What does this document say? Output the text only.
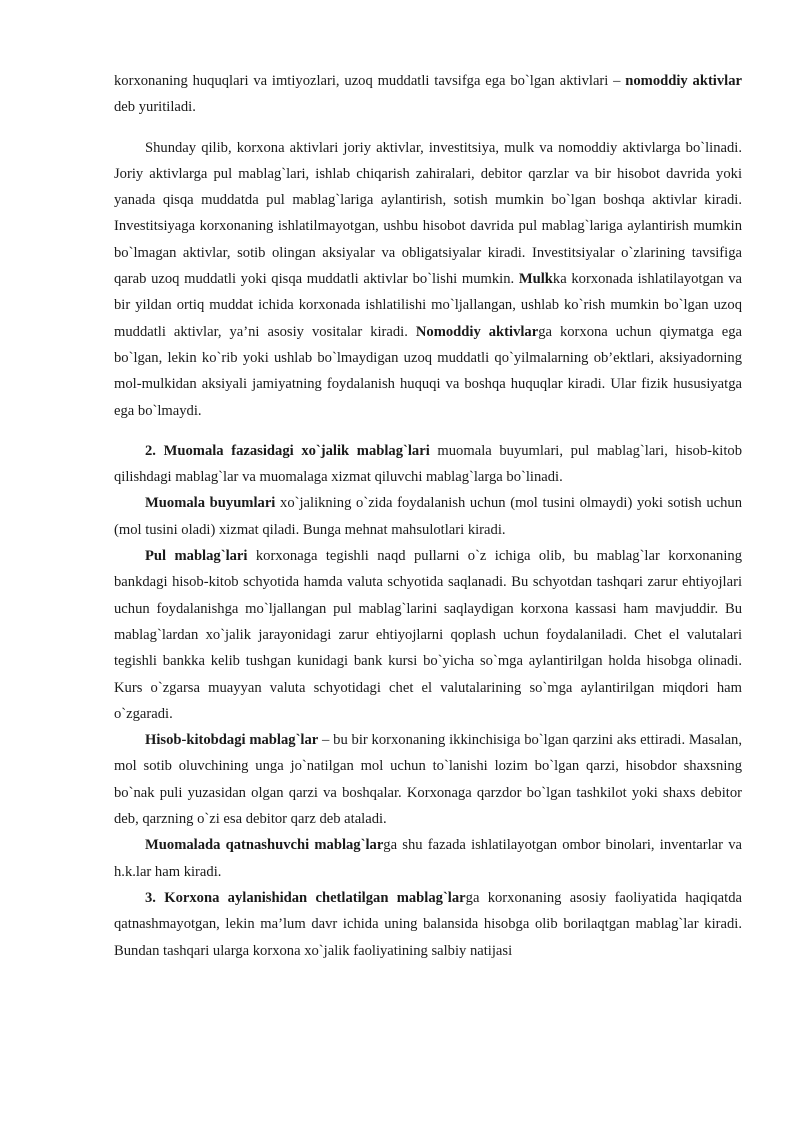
korxonaning huquqlari va imtiyozlari, uzoq muddatli tavsifga ega bo`lgan aktivlari – nomoddiy aktivlar deb yuritiladi.

Shunday qilib, korxona aktivlari joriy aktivlar, investitsiya, mulk va nomoddiy aktivlarga bo`linadi. Joriy aktivlarga pul mablag`lari, ishlab chiqarish zahiralari, debitor qarzlar va bir hisobot davrida yoki yanada qisqa muddatda pul mablag`lariga aylantirish, sotish mumkin bo`lgan boshqa aktivlar kiradi. Investitsiyaga korxonaning ishlatilmayotgan, ushbu hisobot davrida pul mablag`lariga aylantirish mumkin bo`lmagan aktivlar, sotib olingan aksiyalar va obligatsiyalar kiradi. Investitsiyalar o`zlarining tavsifiga qarab uzoq muddatli yoki qisqa muddatli aktivlar bo`lishi mumkin. Mulkka korxonada ishlatilayotgan va bir yildan ortiq muddat ichida korxonada ishlatilishi mo`ljallangan, ushlab ko`rish mumkin bo`lgan uzoq muddatli aktivlar, ya’ni asosiy vositalar kiradi. Nomoddiy aktivlarga korxona uchun qiymatga ega bo`lgan, lekin ko`rib yoki ushlab bo`lmaydigan uzoq muddatli qo`yilmalarning ob’ektlari, aksiyadorning mol-mulkidan aksiyali jamiyatning foydalanish huquqi va boshqa huquqlar kiradi. Ular fizik hususiyatga ega bo`lmaydi.

2. Muomala fazasidagi xo`jalik mablag`lari muomala buyumlari, pul mablag`lari, hisob-kitob qilishdagi mablag`lar va muomalaga xizmat qiluvchi mablag`larga bo`linadi.

Muomala buyumlari xo`jalikning o`zida foydalanish uchun (mol tusini olmaydi) yoki sotish uchun (mol tusini oladi) xizmat qiladi. Bunga mehnat mahsulotlari kiradi.

Pul mablag`lari korxonaga tegishli naqd pullarni o`z ichiga olib, bu mablag`lar korxonaning bankdagi hisob-kitob schyotida hamda valuta schyotida saqlanadi. Bu schyotdan tashqari zarur ehtiyojlari uchun foydalanishga mo`ljallangan pul mablag`larini saqlaydigan korxona kassasi ham mavjuddir. Bu mablag`lardan xo`jalik jarayonidagi zarur ehtiyojlarni qoplash uchun foydalaniladi. Chet el valutalari tegishli bankka kelib tushgan kunidagi bank kursi bo`yicha so`mga aylantirilgan holda hisobga olinadi. Kurs o`zgarsa muayyan valuta schyotidagi chet el valutalarining so`mga aylantirilgan miqdori ham o`zgaradi.

Hisob-kitobdagi mablag`lar – bu bir korxonaning ikkinchisiga bo`lgan qarzini aks ettiradi. Masalan, mol sotib oluvchining unga jo`natilgan mol uchun to`lanishi lozim bo`lgan qarzi, hisobdor shaxsning bo`nak puli yuzasidan olgan qarzi va boshqalar. Korxonaga qarzdor bo`lgan tashkilot yoki shaxs debitor deb, qarzning o`zi esa debitor qarz deb ataladi.

Muomalada qatnashuvchi mablag`larga shu fazada ishlatilayotgan ombor binolari, inventarlar va h.k.lar ham kiradi.

3. Korxona aylanishidan chetlatilgan mablag`larga korxonaning asosiy faoliyatida haqiqatda qatnashmayotgan, lekin ma’lum davr ichida uning balansida hisobga olib borilaqtgan mablag`lar kiradi. Bundan tashqari ularga korxona xo`jalik faoliyatining salbiy natijasi
